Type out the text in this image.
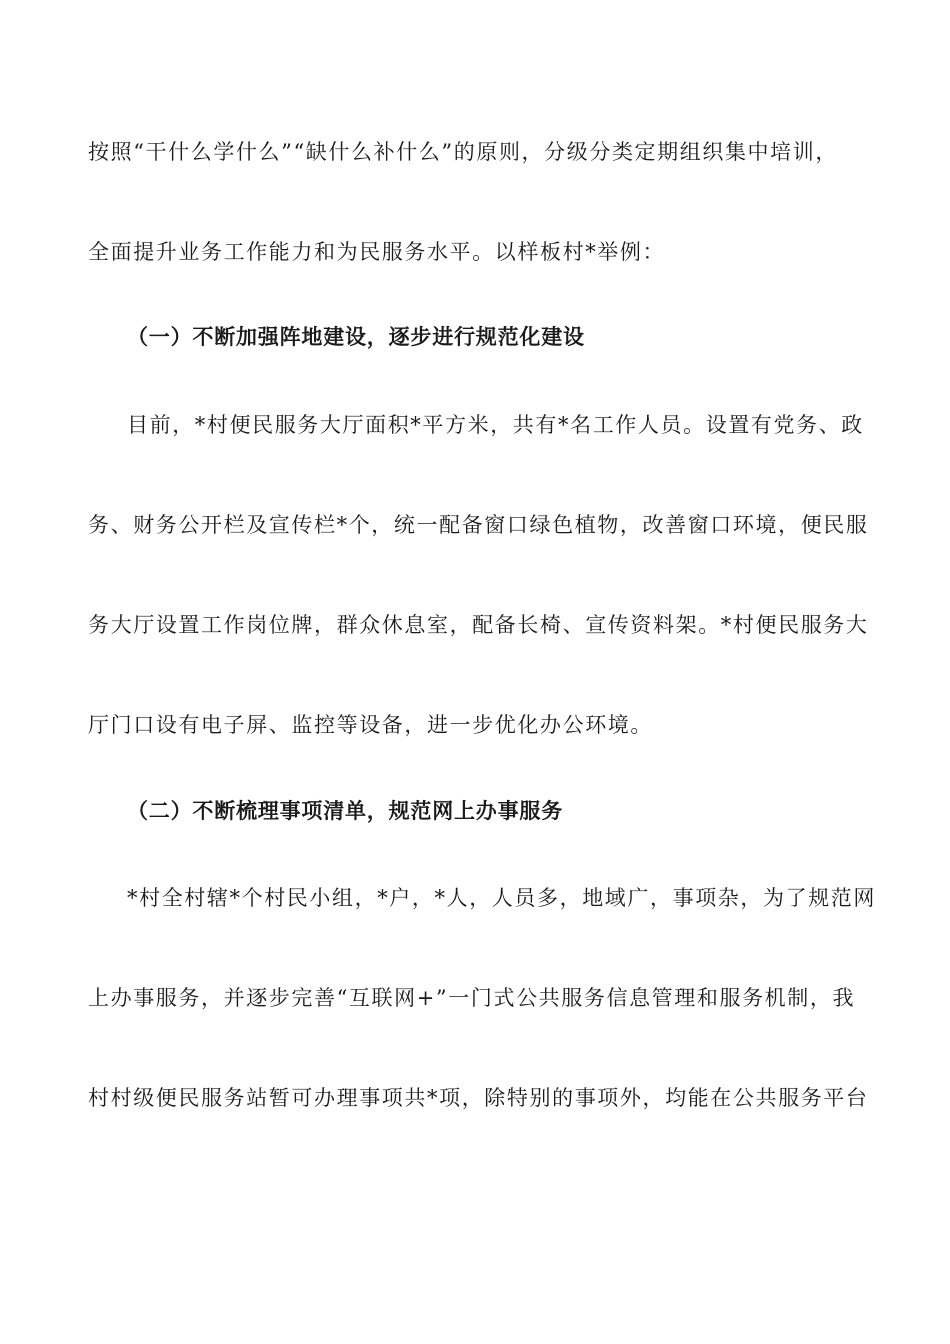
按照“干什么学什么”“缺什么补什么”的原则，分级分类定期组织集中培训，
全面提升业务工作能力和为民服务水平。以样板村*举例：
（一）不断加强阵地建设，逐步进行规范化建设
目前，*村便民服务大厅面积*平方米，共有*名工作人员。设置有党务、政
务、财务公开栏及宣传栏*个，统一配备窗口绿色植物，改善窗口环境，便民服
务大厅设置工作岗位牌，群众休息室，配备长椅、宣传资料架。*村便民服务大
厅门口设有电子屏、监控等设备，进一步优化办公环境。
（二）不断梳理事项清单，规范网上办事服务
*村全村辖*个村民小组，*户，*人，人员多，地域广，事项杂，为了规范网
上办事服务，并逐步完善“互联网+”一门式公共服务信息管理和服务机制，我
村村级便民服务站暂可办理事项共*项，除特别的事项外，均能在公共服务平台
